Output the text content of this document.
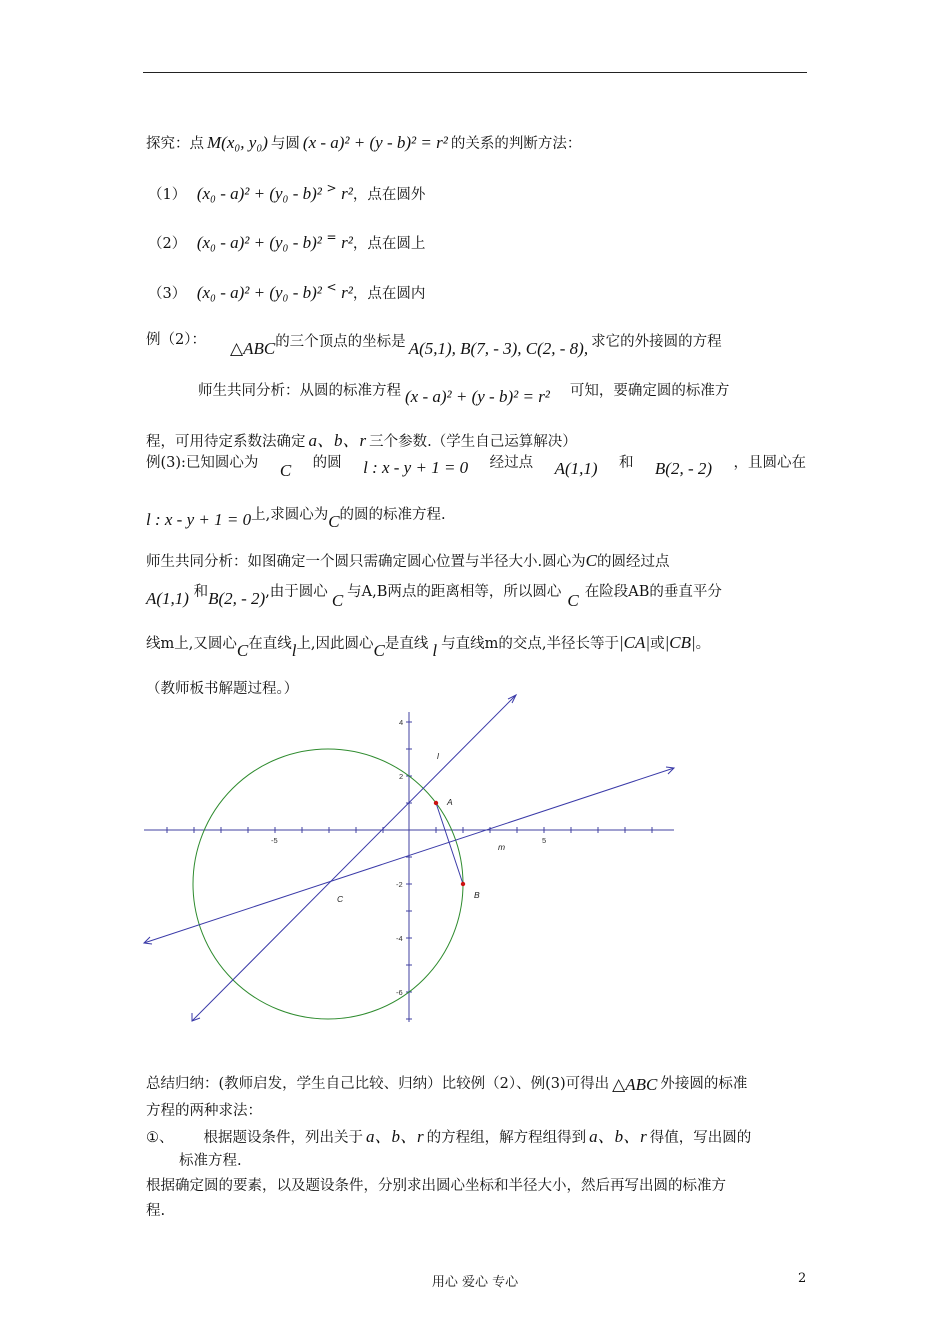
探究：点 M(x₀, y₀) 与圆 (x - a)² + (y - b)² = r² 的关系的判断方法：
（1） (x₀ - a)² + (y₀ - b)² > r²，点在圆外
（2） (x₀ - a)² + (y₀ - b)² = r²，点在圆上
（3） (x₀ - a)² + (y₀ - b)² < r²，点在圆内
例（2）： △ABC的三个顶点的坐标是 A(5,1), B(7, - 3), C(2, - 8), 求它的外接圆的方程
师生共同分析：从圆的标准方程 (x - a)² + (y - b)² = r² 可知，要确定圆的标准方
程，可用待定系数法确定 a、b、r 三个参数.（学生自己运算解决）
例(3):已知圆心为 C 的圆 l : x - y + 1 = 0 经过点 A(1,1) 和 B(2, - 2) ，且圆心在
l : x - y + 1 = 0上,求圆心为C的圆的标准方程.
师生共同分析：如图确定一个圆只需确定圆心位置与半径大小.圆心为C的圆经过点
A(1,1) 和B(2, - 2),由于圆心 C 与A,B两点的距离相等，所以圆心 C 在险段AB的垂直平分
线m上,又圆心C在直线l上,因此圆心C是直线 l 与直线m的交点,半径长等于|CA|或|CB|。
（教师板书解题过程。）
-5	5
4
2
-2
-4
-6
l
A
m
C	B
总结归纳：(教师启发，学生自己比较、归纳）比较例（2）、例(3)可得出 △ABC 外接圆的标准
方程的两种求法：
①、 根据题设条件，列出关于 a、b、r 的方程组，解方程组得到 a、b、r 得值，写出圆的
标准方程.
根据确定圆的要素，以及题设条件，分别求出圆心坐标和半径大小，然后再写出圆的标准方
程.
用心 爱心 专心	2
